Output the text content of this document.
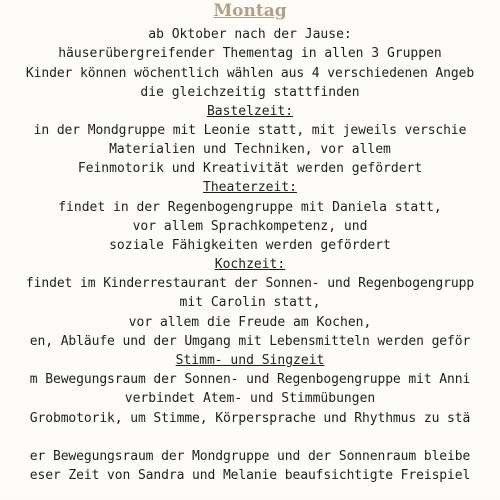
Montag
ab Oktober nach der Jause:
häuserübergreifender Thementag in allen 3 Gruppen
Kinder können wöchentlich wählen aus 4 verschiedenen Angeb
die gleichzeitig stattfinden
Bastelzeit:
in der Mondgruppe mit Leonie statt, mit jeweils verschie
Materialien und Techniken, vor allem
Feinmotorik und Kreativität werden gefördert
Theaterzeit:
findet in der Regenbogengruppe mit Daniela statt,
vor allem Sprachkompetenz, und
soziale Fähigkeiten werden gefördert
Kochzeit:
findet im Kinderrestaurant der Sonnen- und Regenbogengrupp
mit Carolin statt,
vor allem die Freude am Kochen,
en, Abläufe und der Umgang mit Lebensmitteln werden geför
Stimm- und Singzeit
m Bewegungsraum der Sonnen- und Regenbogengruppe mit Anni
verbindet Atem- und Stimmübungen
Grobmotorik, um Stimme, Körpersprache und Rhythmus zu stä
er Bewegungsraum der Mondgruppe und der Sonnenraum bleibe
eser Zeit von Sandra und Melanie beaufsichtigte Freispiel
